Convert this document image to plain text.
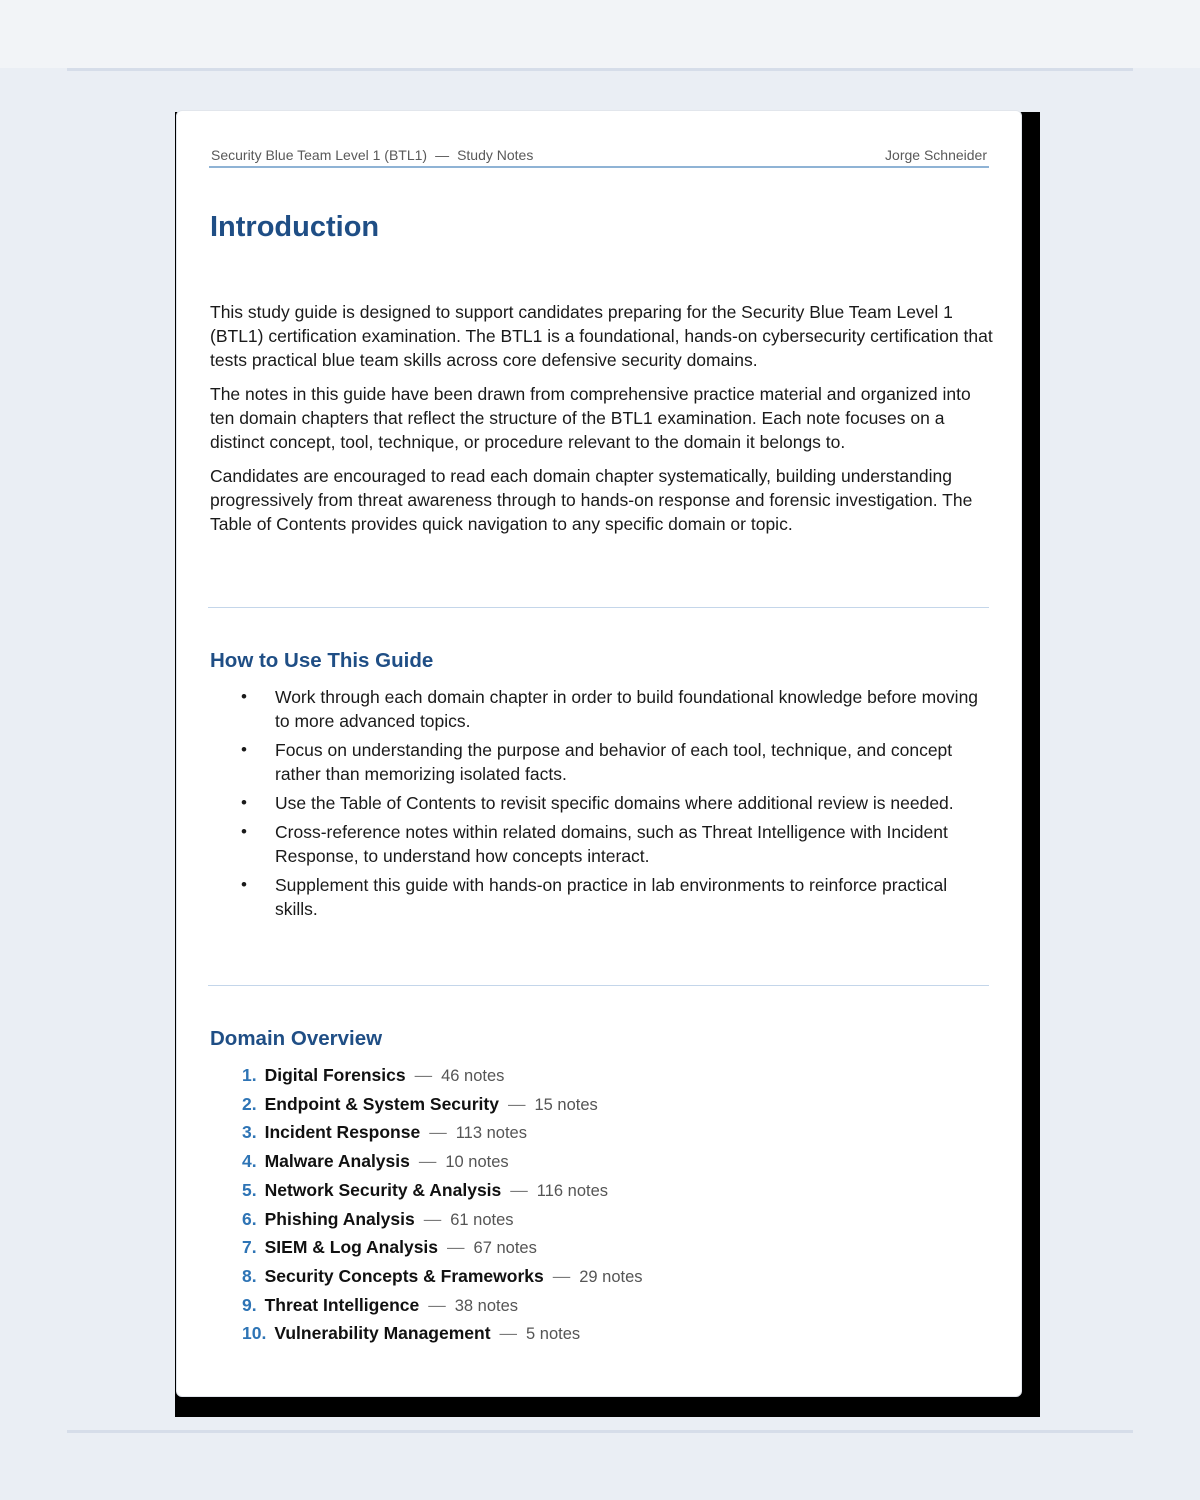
Security Blue Team Level 1 (BTL1) — Study Notes	Jorge Schneider
Introduction

This study guide is designed to support candidates preparing for the Security Blue Team Level 1 (BTL1) certification examination. The BTL1 is a foundational, hands-on cybersecurity certification that tests practical blue team skills across core defensive security domains.

The notes in this guide have been drawn from comprehensive practice material and organized into ten domain chapters that reflect the structure of the BTL1 examination. Each note focuses on a distinct concept, tool, technique, or procedure relevant to the domain it belongs to.

Candidates are encouraged to read each domain chapter systematically, building understanding progressively from threat awareness through to hands-on response and forensic investigation. The Table of Contents provides quick navigation to any specific domain or topic.

How to Use This Guide
• Work through each domain chapter in order to build foundational knowledge before moving to more advanced topics.
• Focus on understanding the purpose and behavior of each tool, technique, and concept rather than memorizing isolated facts.
• Use the Table of Contents to revisit specific domains where additional review is needed.
• Cross-reference notes within related domains, such as Threat Intelligence with Incident Response, to understand how concepts interact.
• Supplement this guide with hands-on practice in lab environments to reinforce practical skills.
Domain Overview
1. Digital Forensics — 46 notes
2. Endpoint & System Security — 15 notes
3. Incident Response — 113 notes
4. Malware Analysis — 10 notes
5. Network Security & Analysis — 116 notes
6. Phishing Analysis — 61 notes
7. SIEM & Log Analysis — 67 notes
8. Security Concepts & Frameworks — 29 notes
9. Threat Intelligence — 38 notes
10. Vulnerability Management — 5 notes
